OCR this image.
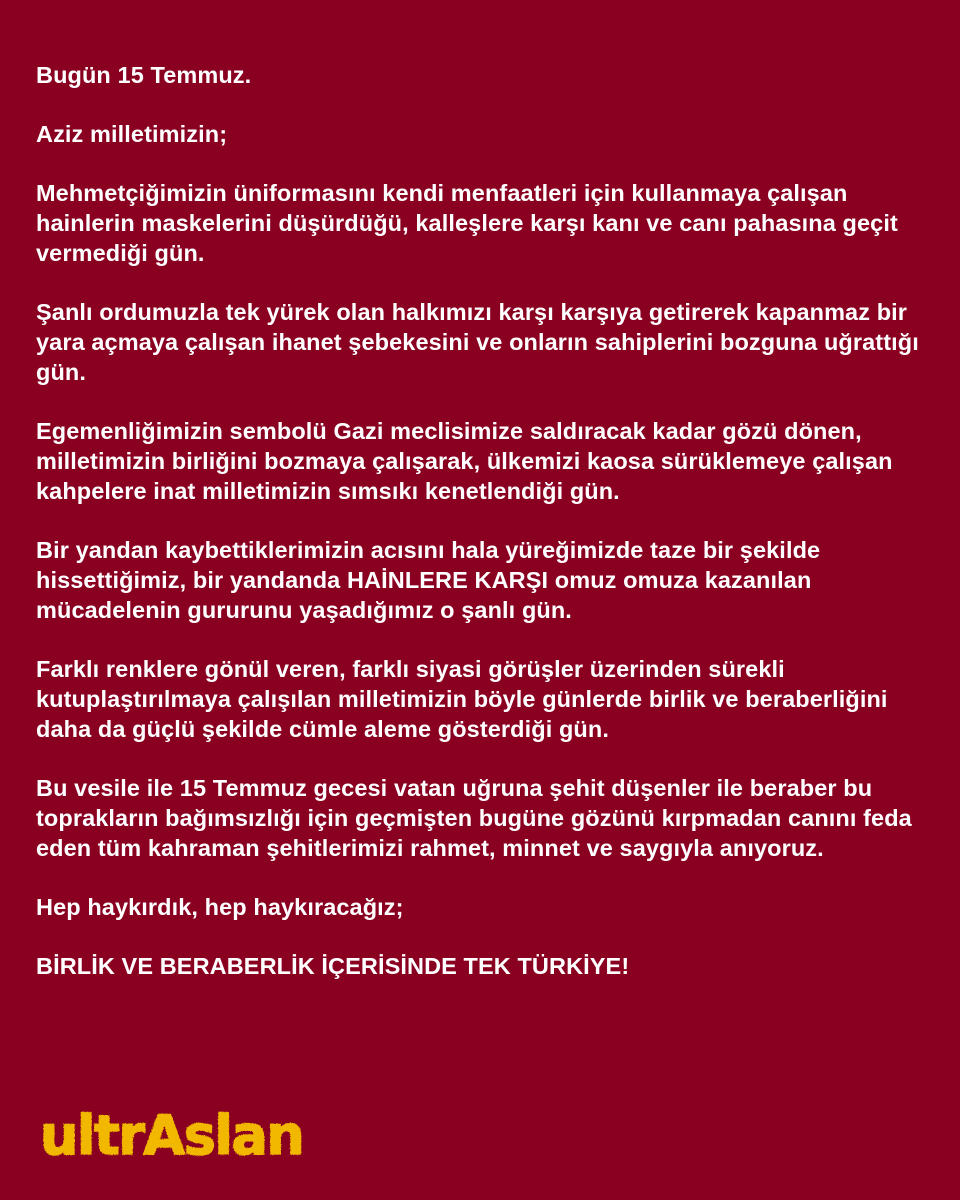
Bugün 15 Temmuz.

Aziz milletimizin;

Mehmetçiğimizin üniformasını kendi menfaatleri için kullanmaya çalışan hainlerin maskelerini düşürdüğü, kalleşlere karşı kanı ve canı pahasına geçit vermediği gün.

Şanlı ordumuzla tek yürek olan halkımızı karşı karşıya getirerek kapanmaz bir yara açmaya çalışan ihanet şebekesini ve onların sahiplerini bozguna uğrattığı gün.

Egemenliğimizin sembolü Gazi meclisimize saldıracak kadar gözü dönen, milletimizin birliğini bozmaya çalışarak, ülkemizi kaosa sürüklemeye çalışan kahpelere inat milletimizin sımsıkı kenetlendiği gün.

Bir yandan kaybettiklerimizin acısını hala yüreğimizde taze bir şekilde hissettiğimiz, bir yandanda HAİNLERE KARŞI omuz omuza kazanılan mücadelenin gururunu yaşadığımız o şanlı gün.

Farklı renklere gönül veren, farklı siyasi görüşler üzerinden sürekli kutuplaştırılmaya çalışılan milletimizin böyle günlerde birlik ve beraberliğini daha da güçlü şekilde cümle aleme gösterdiği gün.

Bu vesile ile 15 Temmuz gecesi vatan uğruna şehit düşenler ile beraber bu toprakların bağımsızlığı için geçmişten bugüne gözünü kırpmadan canını feda eden tüm kahraman şehitlerimizi rahmet, minnet ve saygıyla anıyoruz.

Hep haykırdık, hep haykıracağız;

BİRLİK VE BERABERLİK İÇERİSİNDE TEK TÜRKİYE!

ultrAslan
